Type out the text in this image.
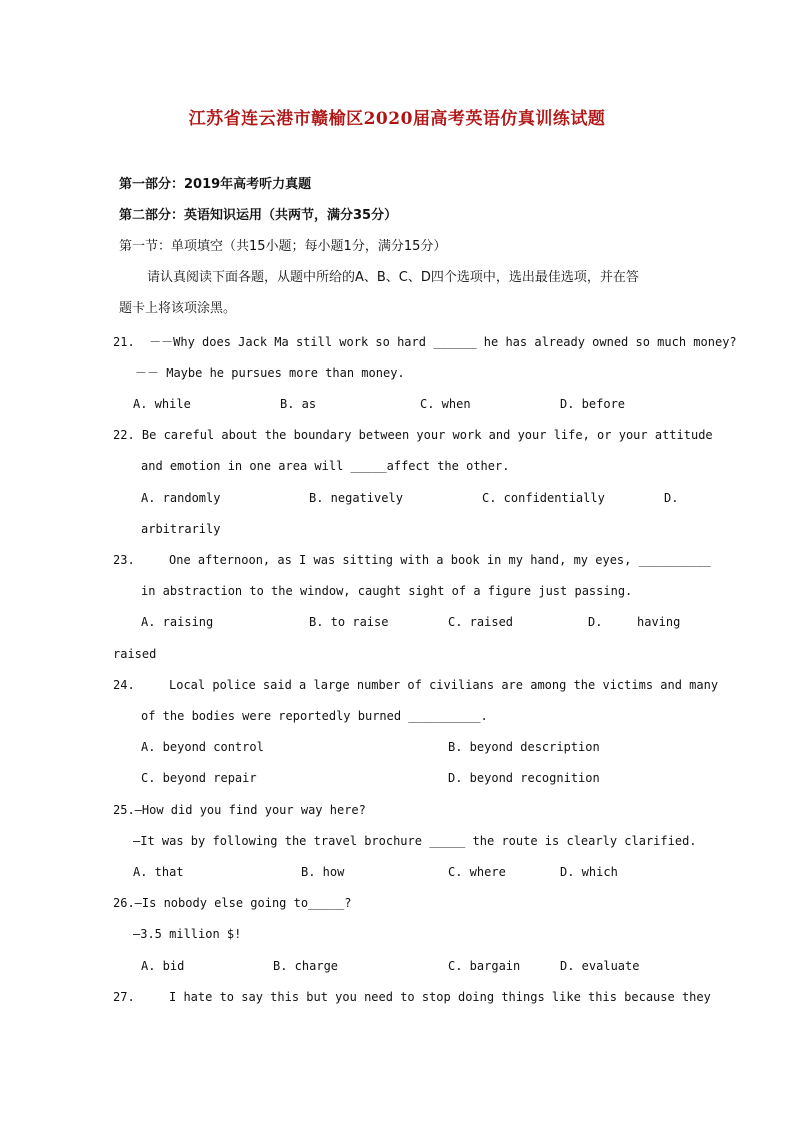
江苏省连云港市赣榆区2020届高考英语仿真训练试题
第一部分：2019年高考听力真题
第二部分：英语知识运用（共两节，满分35分）
第一节：单项填空（共15小题；每小题1分，满分15分）
请认真阅读下面各题，从题中所给的A、B、C、D四个选项中，选出最佳选项，并在答
题卡上将该项涂黑。
21.  －－Why does Jack Ma still work so hard ______ he has already owned so much money?
－－ Maybe he pursues more than money.
A. while	B. as	C. when	D. before
22. Be careful about the boundary between your work and your life, or your attitude
and emotion in one area will _____affect the other.
A. randomly	B. negatively	C. confidentially	D.
arbitrarily
23.	One afternoon, as I was sitting with a book in my hand, my eyes, __________
in abstraction to the window, caught sight of a figure just passing.
A. raising	B. to raise	C. raised	D.	having
raised
24.	Local police said a large number of civilians are among the victims and many
of the bodies were reportedly burned __________.
A. beyond control	B. beyond description
C. beyond repair	D. beyond recognition
25.—How did you find your way here?
—It was by following the travel brochure _____ the route is clearly clarified.
A. that	B. how	C. where	D. which
26.—Is nobody else going to_____?
—3.5 million $!
A. bid	B. charge	C. bargain	D. evaluate
27.	I hate to say this but you need to stop doing things like this because they
